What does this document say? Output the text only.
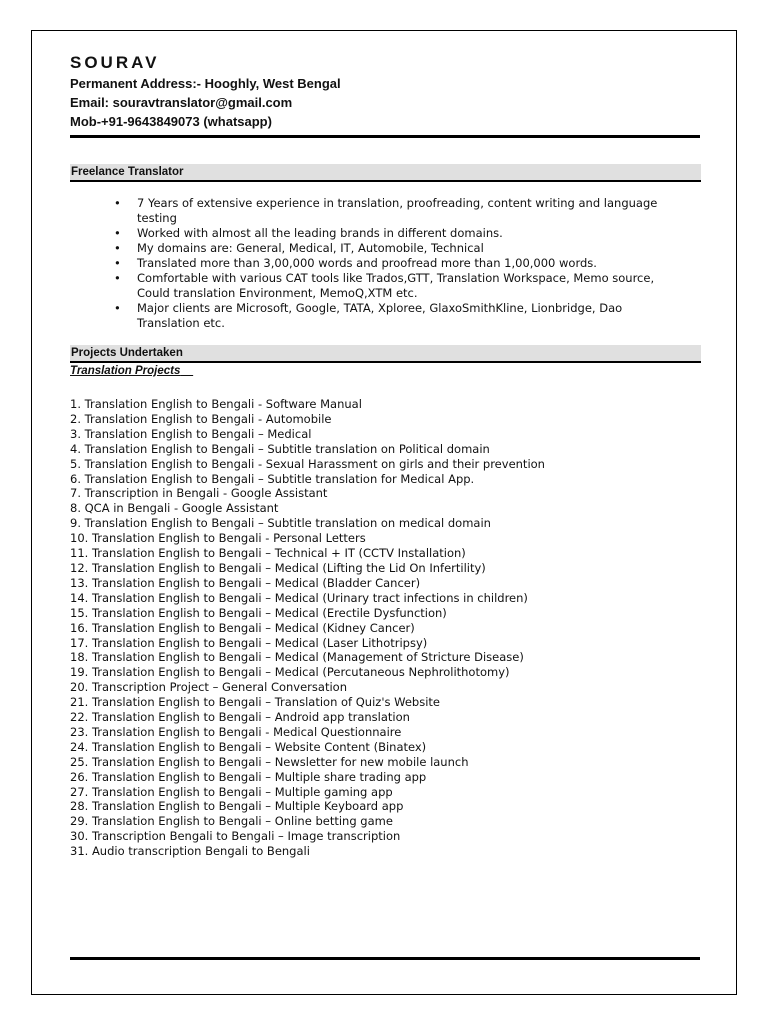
SOURAV

Permanent Address:- Hooghly, West Bengal

Email: souravtranslator@gmail.com

Mob-+91-9643849073 (whatsapp)

Freelance Translator
• 7 Years of extensive experience in translation, proofreading, content writing and language testing
• Worked with almost all the leading brands in different domains.
• My domains are: General, Medical, IT, Automobile, Technical
• Translated more than 3,00,000 words and proofread more than 1,00,000 words.
• Comfortable with various CAT tools like Trados,GTT, Translation Workspace, Memo source, Could translation Environment, MemoQ,XTM etc.
• Major clients are Microsoft, Google, TATA, Xploree, GlaxoSmithKline, Lionbridge, Dao Translation etc.
Projects Undertaken
Translation Projects
1. Translation English to Bengali - Software Manual
2. Translation English to Bengali - Automobile
3. Translation English to Bengali – Medical
4. Translation English to Bengali – Subtitle translation on Political domain
5. Translation English to Bengali - Sexual Harassment on girls and their prevention
6. Translation English to Bengali – Subtitle translation for Medical App.
7. Transcription in Bengali - Google Assistant
8. QCA in Bengali - Google Assistant
9. Translation English to Bengali – Subtitle translation on medical domain
10. Translation English to Bengali - Personal Letters
11. Translation English to Bengali – Technical + IT (CCTV Installation)
12. Translation English to Bengali – Medical (Lifting the Lid On Infertility)
13. Translation English to Bengali – Medical (Bladder Cancer)
14. Translation English to Bengali – Medical (Urinary tract infections in children)
15. Translation English to Bengali – Medical (Erectile Dysfunction)
16. Translation English to Bengali – Medical (Kidney Cancer)
17. Translation English to Bengali – Medical (Laser Lithotripsy)
18. Translation English to Bengali – Medical (Management of Stricture Disease)
19. Translation English to Bengali – Medical (Percutaneous Nephrolithotomy)
20. Transcription Project – General Conversation
21. Translation English to Bengali – Translation of Quiz's Website
22. Translation English to Bengali – Android app translation
23. Translation English to Bengali - Medical Questionnaire
24. Translation English to Bengali – Website Content (Binatex)
25. Translation English to Bengali – Newsletter for new mobile launch
26. Translation English to Bengali – Multiple share trading app
27. Translation English to Bengali – Multiple gaming app
28. Translation English to Bengali – Multiple Keyboard app
29. Translation English to Bengali – Online betting game
30. Transcription Bengali to Bengali – Image transcription
31. Audio transcription Bengali to Bengali
